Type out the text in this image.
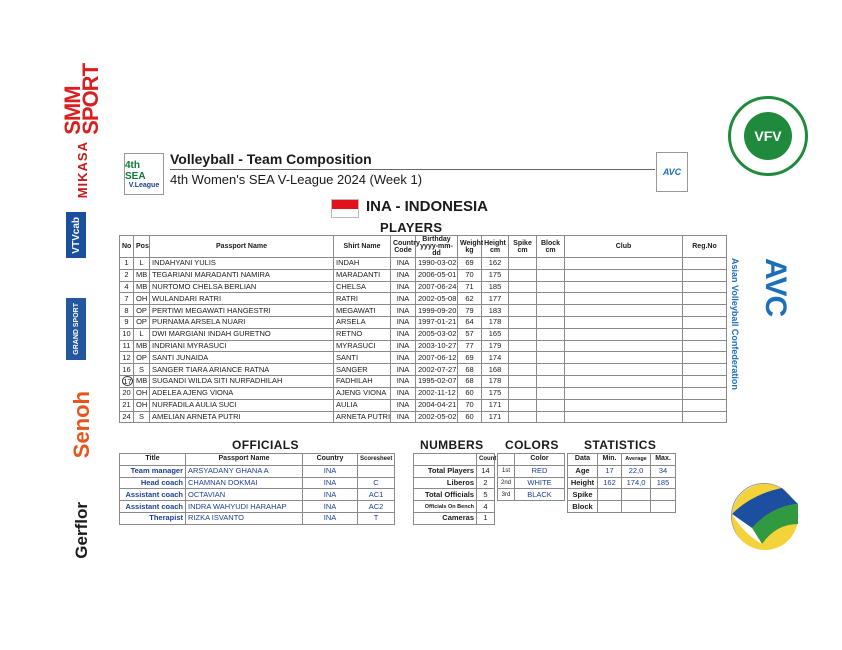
SMM SPORT
MIKASA
VTVcab
GRAND SPORT
Senoh
Gerflor
VFV
Asian Volleyball Confederation AVC
4th SEA
V.League
Volleyball - Team Composition
4th Women's SEA V-League 2024 (Week 1)	AVC
INA - INDONESIA
PLAYERS
No	Pos	Passport Name	Shirt Name	Country Code	Birthday yyyy-mm-dd	Weight kg	Height cm	Spike cm	Block cm	Club	Reg.No
1	L	INDAHYANI YULIS	INDAH	INA	1990-03-02	69	162				
2	MB	TEGARIANI MARADANTI NAMIRA	MARADANTI	INA	2006-05-01	70	175				
4	MB	NURTOMO CHELSA BERLIAN	CHELSA	INA	2007-06-24	71	185				
7	OH	WULANDARI RATRI	RATRI	INA	2002-05-08	62	177				
8	OP	PERTIWI MEGAWATI HANGESTRI	MEGAWATI	INA	1999-09-20	79	183				
9	OP	PURNAMA ARSELA NUARI	ARSELA	INA	1997-01-21	64	178				
10	L	DWI MARGIANI INDAH GURETNO	RETNO	INA	2005-03-02	57	165				
11	MB	INDRIANI MYRASUCI	MYRASUCI	INA	2003-10-27	77	179				
12	OP	SANTI JUNAIDA	SANTI	INA	2007-06-12	69	174				
16	S	SANGER TIARA ARIANCE RATNA	SANGER	INA	2002-07-27	68	168				
17	MB	SUGANDI WILDA SITI NURFADHILAH	FADHILAH	INA	1995-02-07	68	178				
20	OH	ADELEA AJENG VIONA	AJENG VIONA	INA	2002-11-12	60	175				
21	OH	NURFADILA AULIA SUCI	AULIA	INA	2004-04-21	70	171				
24	S	AMELIAN ARNETA PUTRI	ARNETA PUTRI	INA	2002-05-02	60	171				
OFFICIALS	NUMBERS COLORS STATISTICS
Title	Passport Name	Country	Scoresheet
Team manager	ARSYADANY GHANA A	INA	
Head coach	CHAMNAN DOKMAI	INA	C
Assistant coach	OCTAVIAN	INA	AC1
Assistant coach	INDRA WAHYUDI HARAHAP	INA	AC2
Therapist	RIZKA ISVANTO	INA	T
	Count
Total Players	14
Liberos	2
Total Officials	5
Officials On Bench	4
Cameras	1
	Color
1st	RED
2nd	WHITE
3rd	BLACK
Data	Min.	Average	Max.
Age	17	22,0	34
Height	162	174,0	185
Spike			
Block			
